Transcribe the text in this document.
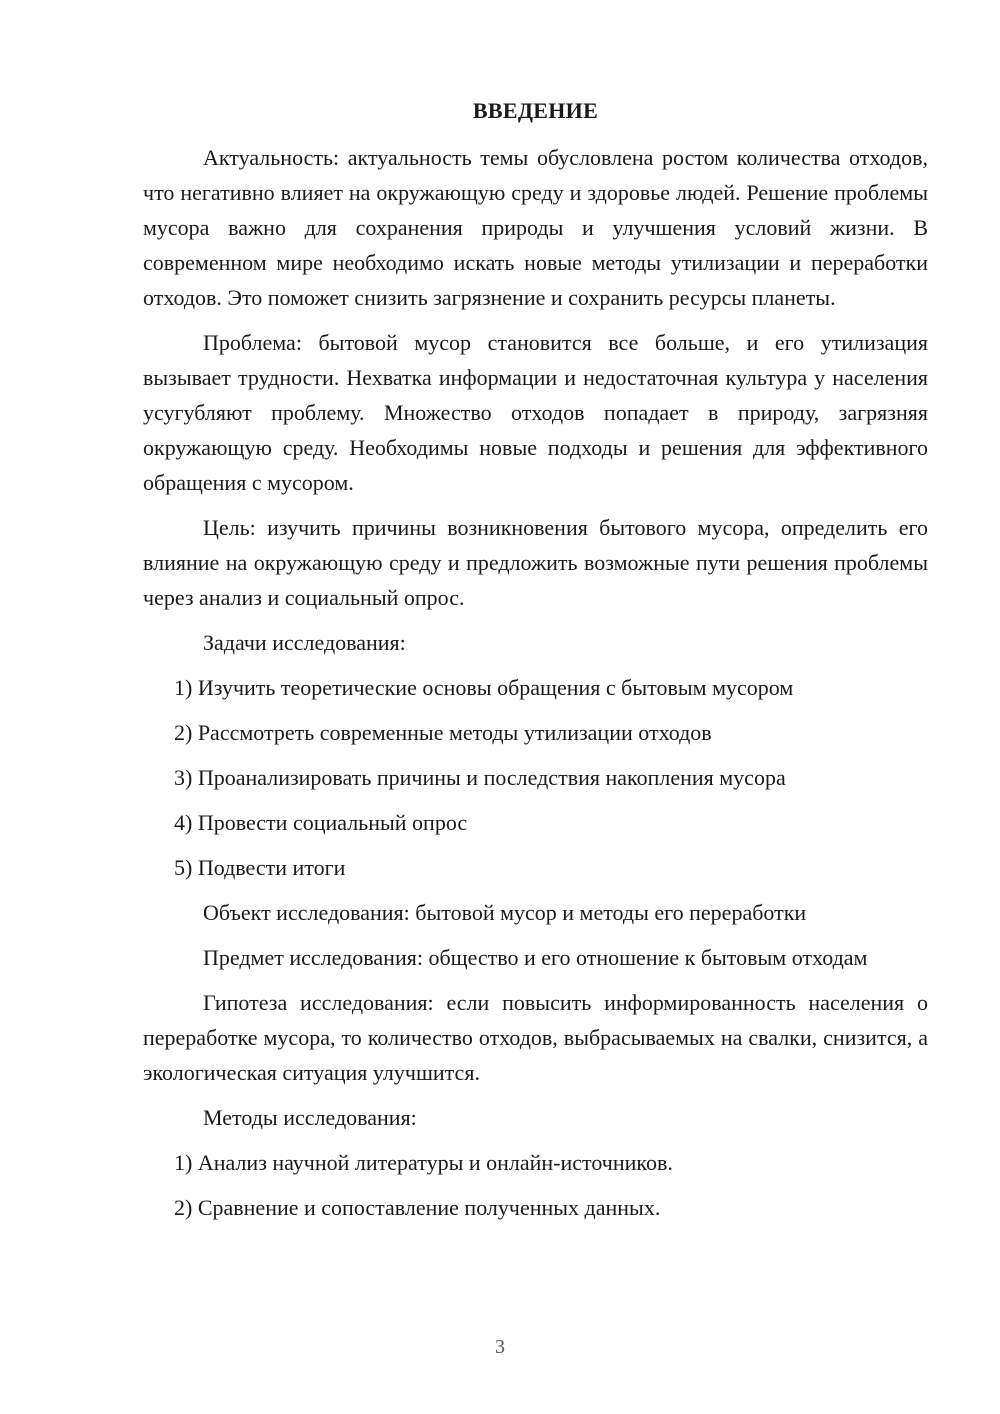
ВВЕДЕНИЕ

Актуальность: актуальность темы обусловлена ростом количества отходов, что негативно влияет на окружающую среду и здоровье людей. Решение проблемы мусора важно для сохранения природы и улучшения условий жизни. В современном мире необходимо искать новые методы утилизации и переработки отходов. Это поможет снизить загрязнение и сохранить ресурсы планеты.

Проблема: бытовой мусор становится все больше, и его утилизация вызывает трудности. Нехватка информации и недостаточная культура у населения усугубляют проблему. Множество отходов попадает в природу, загрязняя окружающую среду. Необходимы новые подходы и решения для эффективного обращения с мусором.

Цель: изучить причины возникновения бытового мусора, определить его влияние на окружающую среду и предложить возможные пути решения проблемы через анализ и социальный опрос.

Задачи исследования:

1) Изучить теоретические основы обращения с бытовым мусором
2) Рассмотреть современные методы утилизации отходов
3) Проанализировать причины и последствия накопления мусора
4) Провести социальный опрос
5) Подвести итоги

Объект исследования: бытовой мусор и методы его переработки

Предмет исследования: общество и его отношение к бытовым отходам

Гипотеза исследования: если повысить информированность населения о переработке мусора, то количество отходов, выбрасываемых на свалки, снизится, а экологическая ситуация улучшится.

Методы исследования:

1) Анализ научной литературы и онлайн-источников.
2) Сравнение и сопоставление полученных данных.
3
